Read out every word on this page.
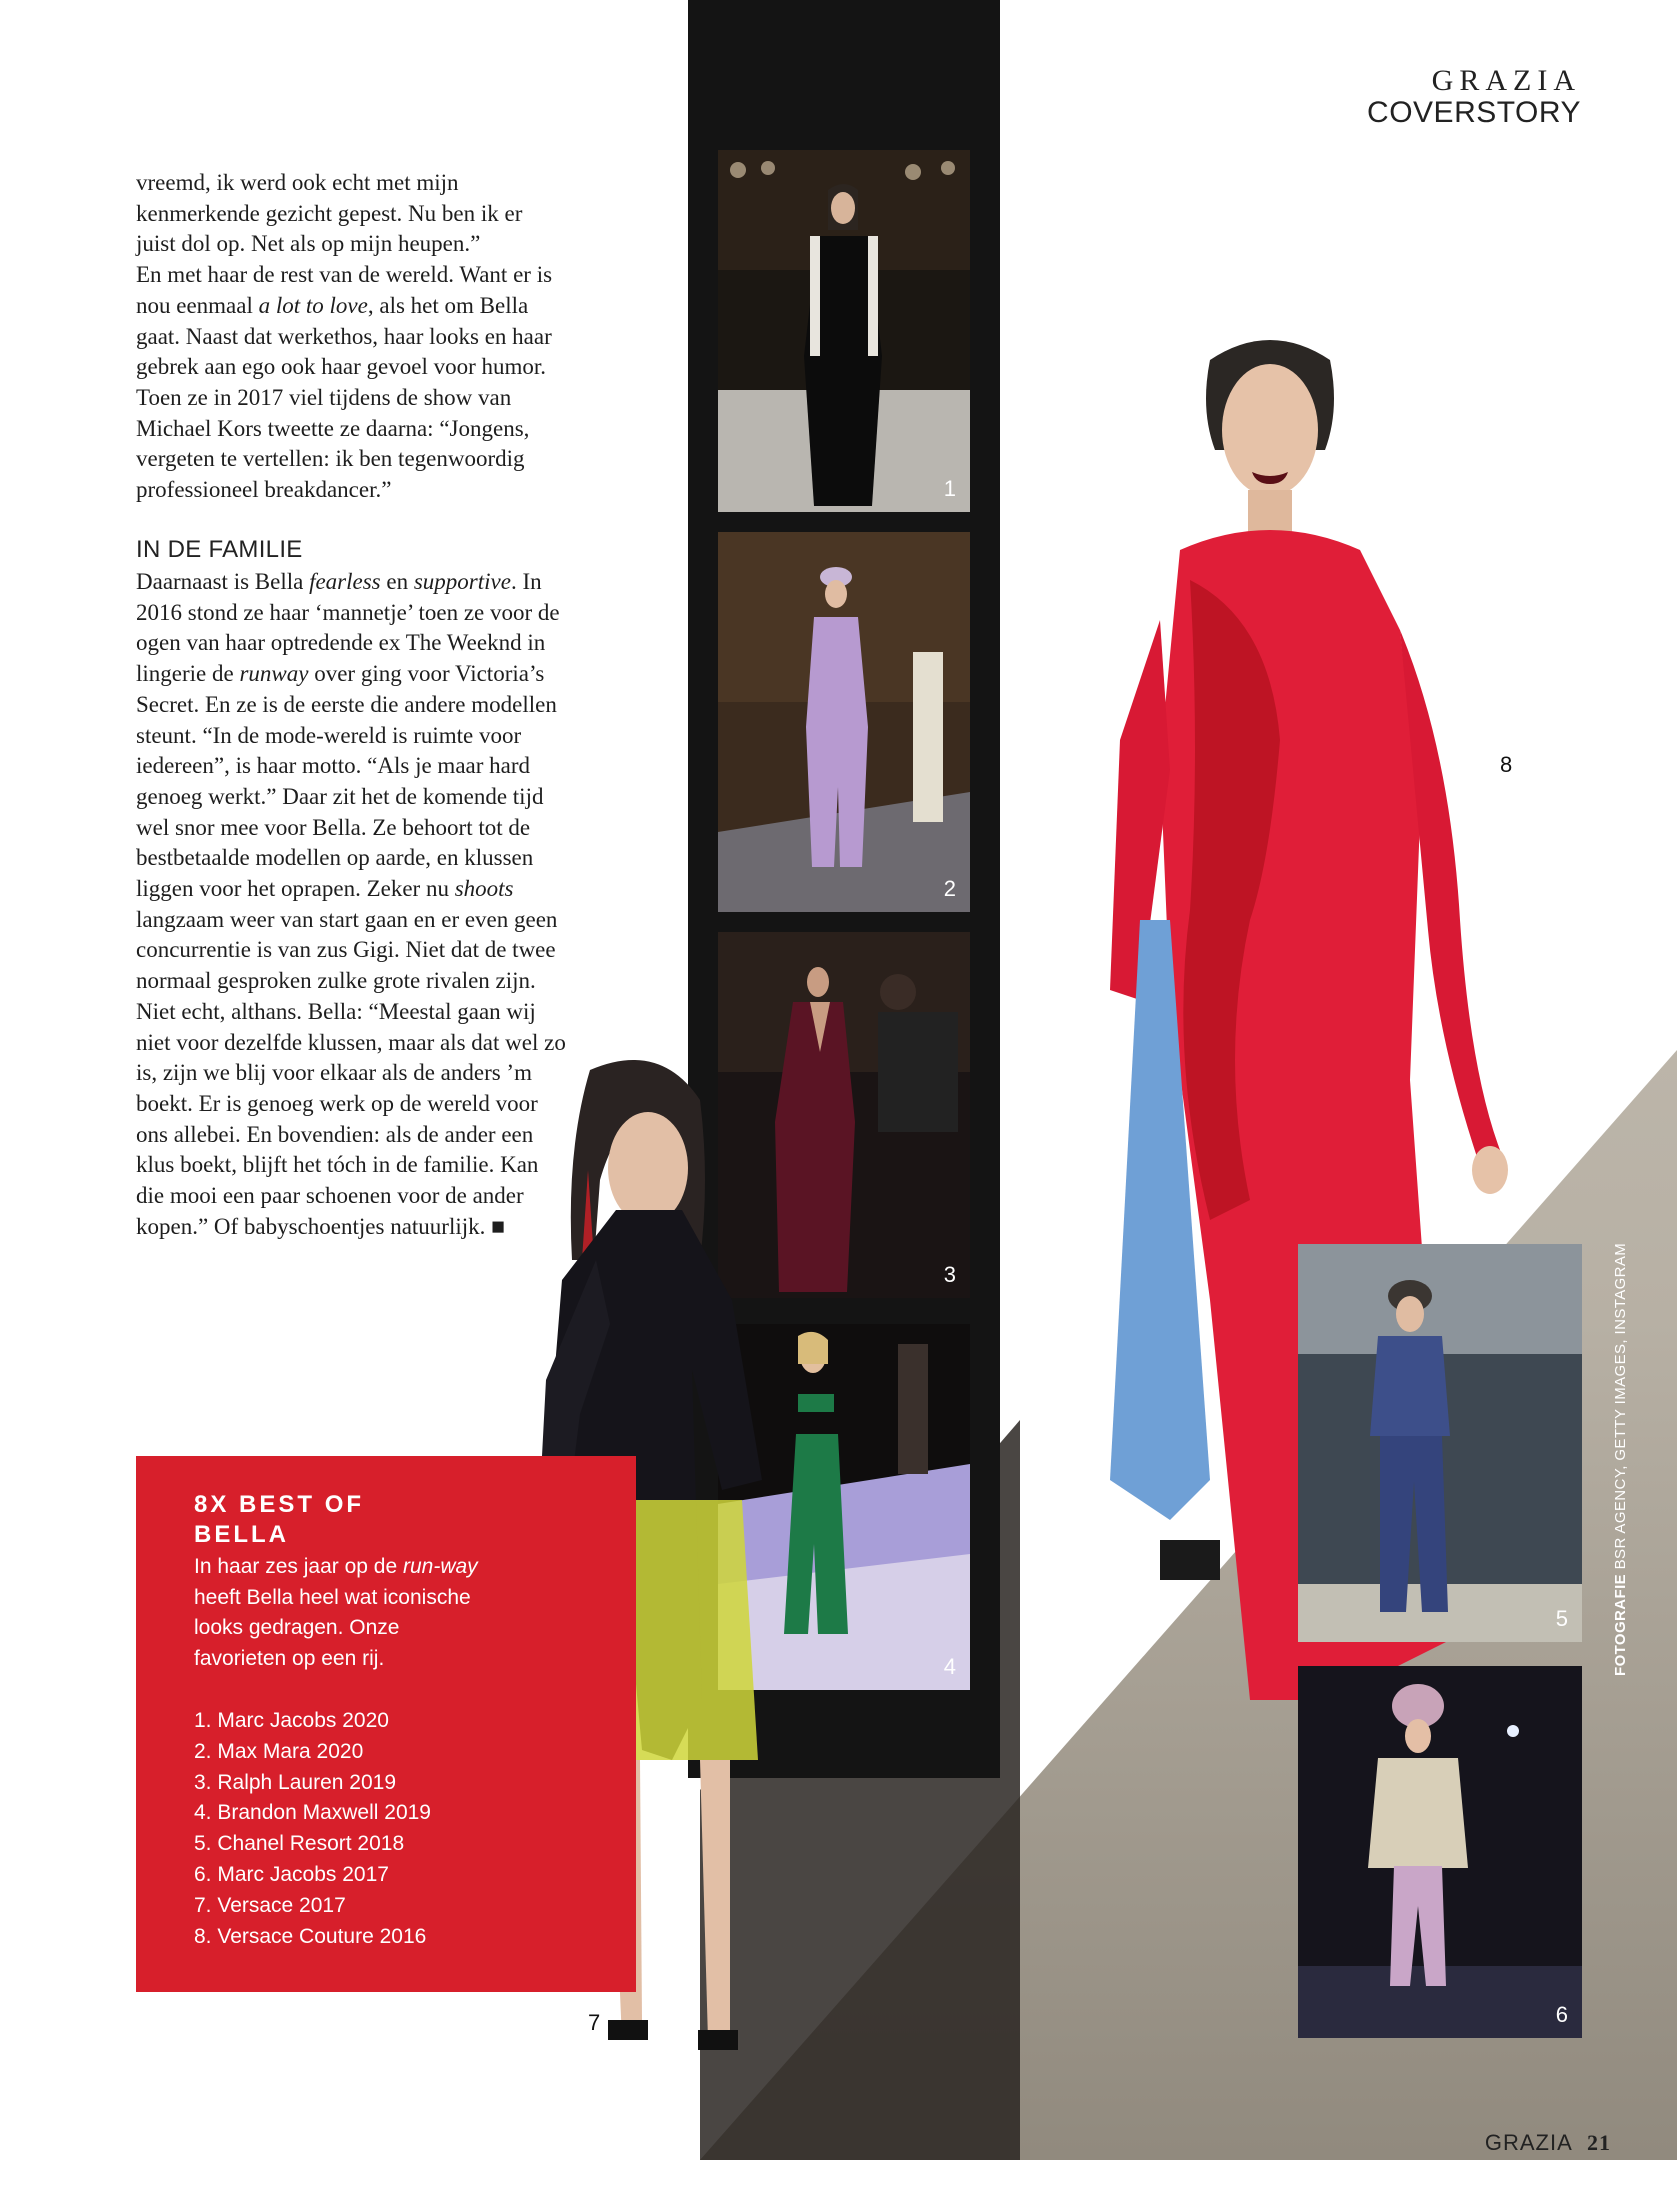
1
2
3
4
8
5
6
7
GRAZIA
COVERSTORY

vreemd, ik werd ook echt met mijn kenmerkende gezicht gepest. Nu ben ik er juist dol op. Net als op mijn heupen.”

En met haar de rest van de wereld. Want er is nou eenmaal a lot to love, als het om Bella gaat. Naast dat werkethos, haar looks en haar gebrek aan ego ook haar gevoel voor humor. Toen ze in 2017 viel tijdens de show van Michael Kors tweette ze daarna: “Jongens, vergeten te vertellen: ik ben tegenwoordig professioneel breakdancer.”

IN DE FAMILIE

Daarnaast is Bella fearless en supportive. In 2016 stond ze haar ‘mannetje’ toen ze voor de ogen van haar optredende ex The Weeknd in lingerie de runway over ging voor Victoria’s Secret. En ze is de eerste die andere modellen steunt. “In de mode-wereld is ruimte voor iedereen”, is haar motto. “Als je maar hard genoeg werkt.” Daar zit het de komende tijd wel snor mee voor Bella. Ze behoort tot de bestbetaalde modellen op aarde, en klussen liggen voor het oprapen. Zeker nu shoots langzaam weer van start gaan en er even geen concurrentie is van zus Gigi. Niet dat de twee normaal gesproken zulke grote rivalen zijn. Niet echt, althans. Bella: “Meestal gaan wij niet voor dezelfde klussen, maar als dat wel zo is, zijn we blij voor elkaar als de anders ’m boekt. Er is genoeg werk op de wereld voor ons allebei. En bovendien: als de ander een klus boekt, blijft het tóch in de familie. Kan die mooi een paar schoenen voor de ander kopen.” Of babyschoentjes natuurlijk. ■

8X BEST OF
BELLA
In haar zes jaar op de run-way heeft Bella heel wat iconische looks gedragen. Onze favorieten op een rij.
1. Marc Jacobs 2020
2. Max Mara 2020
3. Ralph Lauren 2019
4. Brandon Maxwell 2019
5. Chanel Resort 2018
6. Marc Jacobs 2017
7. Versace 2017
8. Versace Couture 2016
FOTOGRAFIE BSR AGENCY, GETTY IMAGES, INSTAGRAM
GRAZIA 21
